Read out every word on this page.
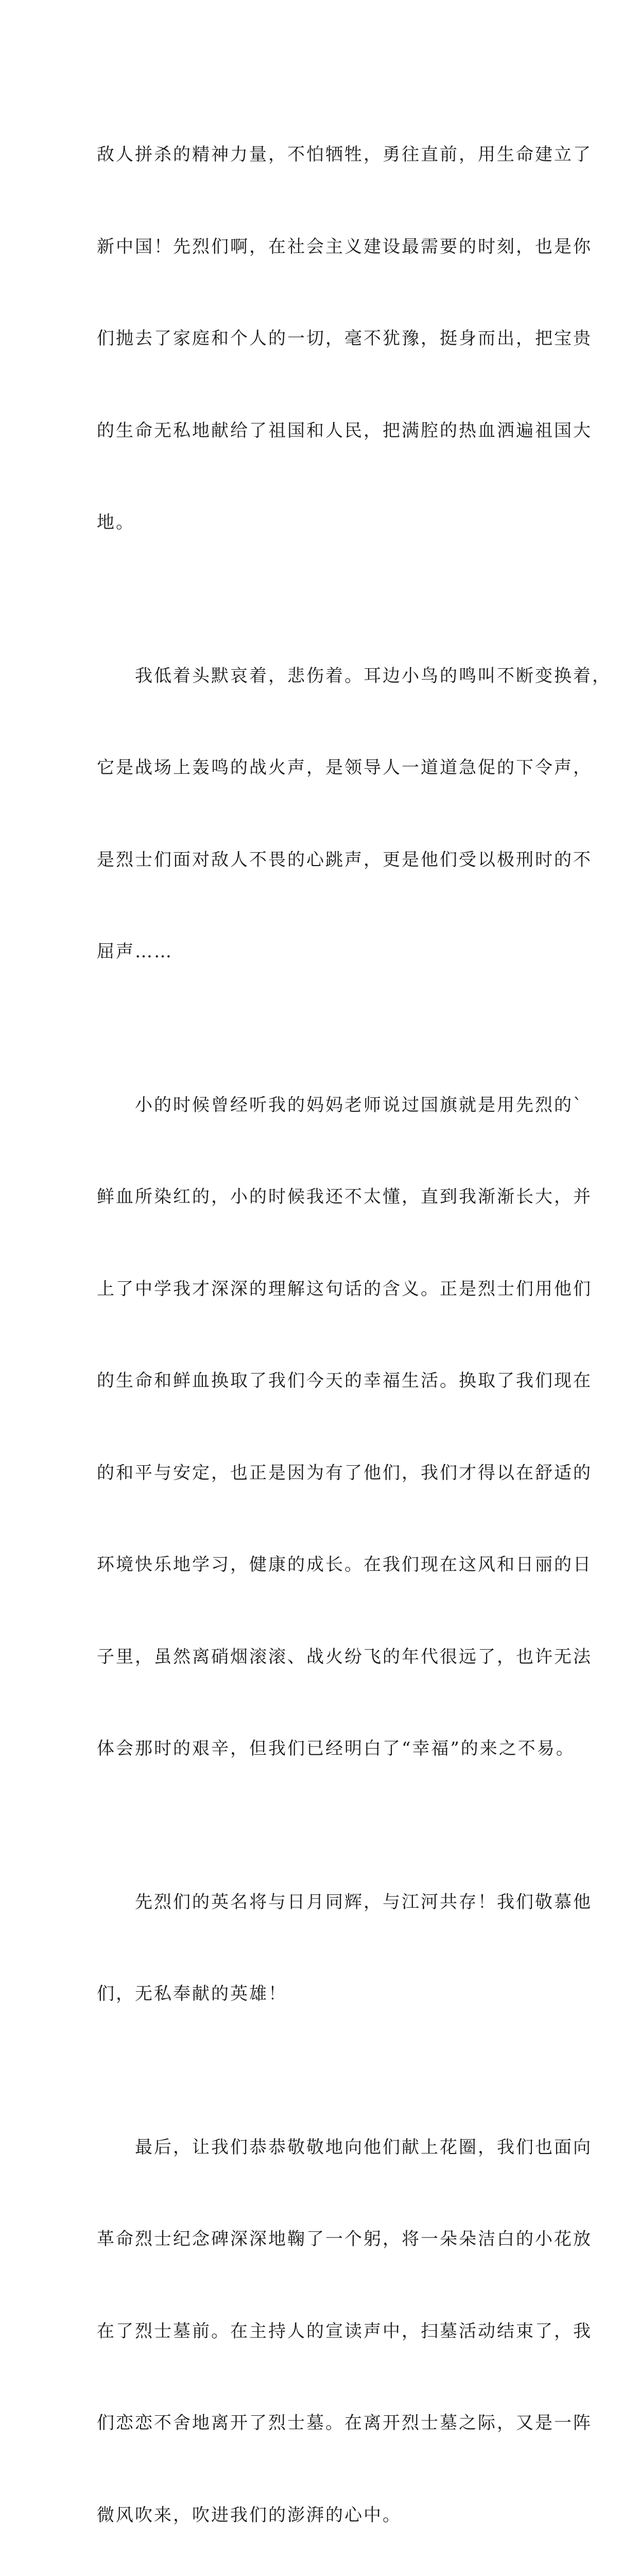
敌人拼杀的精神力量，不怕牺牲，勇往直前，用生命建立了

新中国！先烈们啊，在社会主义建设最需要的时刻，也是你

们抛去了家庭和个人的一切，毫不犹豫，挺身而出，把宝贵

的生命无私地献给了祖国和人民，把满腔的热血洒遍祖国大

地。

　　我低着头默哀着，悲伤着。耳边小鸟的鸣叫不断变换着，

它是战场上轰鸣的战火声，是领导人一道道急促的下令声，

是烈士们面对敌人不畏的心跳声，更是他们受以极刑时的不

屈声……

　　小的时候曾经听我的妈妈老师说过国旗就是用先烈的`

鲜血所染红的，小的时候我还不太懂，直到我渐渐长大，并

上了中学我才深深的理解这句话的含义。正是烈士们用他们

的生命和鲜血换取了我们今天的幸福生活。换取了我们现在

的和平与安定，也正是因为有了他们，我们才得以在舒适的

环境快乐地学习，健康的成长。在我们现在这风和日丽的日

子里，虽然离硝烟滚滚、战火纷飞的年代很远了，也许无法

体会那时的艰辛，但我们已经明白了“幸福”的来之不易。

　　先烈们的英名将与日月同辉，与江河共存！我们敬慕他

们，无私奉献的英雄！

　　最后，让我们恭恭敬敬地向他们献上花圈，我们也面向

革命烈士纪念碑深深地鞠了一个躬，将一朵朵洁白的小花放

在了烈士墓前。在主持人的宣读声中，扫墓活动结束了，我

们恋恋不舍地离开了烈士墓。在离开烈士墓之际，又是一阵

微风吹来，吹进我们的澎湃的心中。
